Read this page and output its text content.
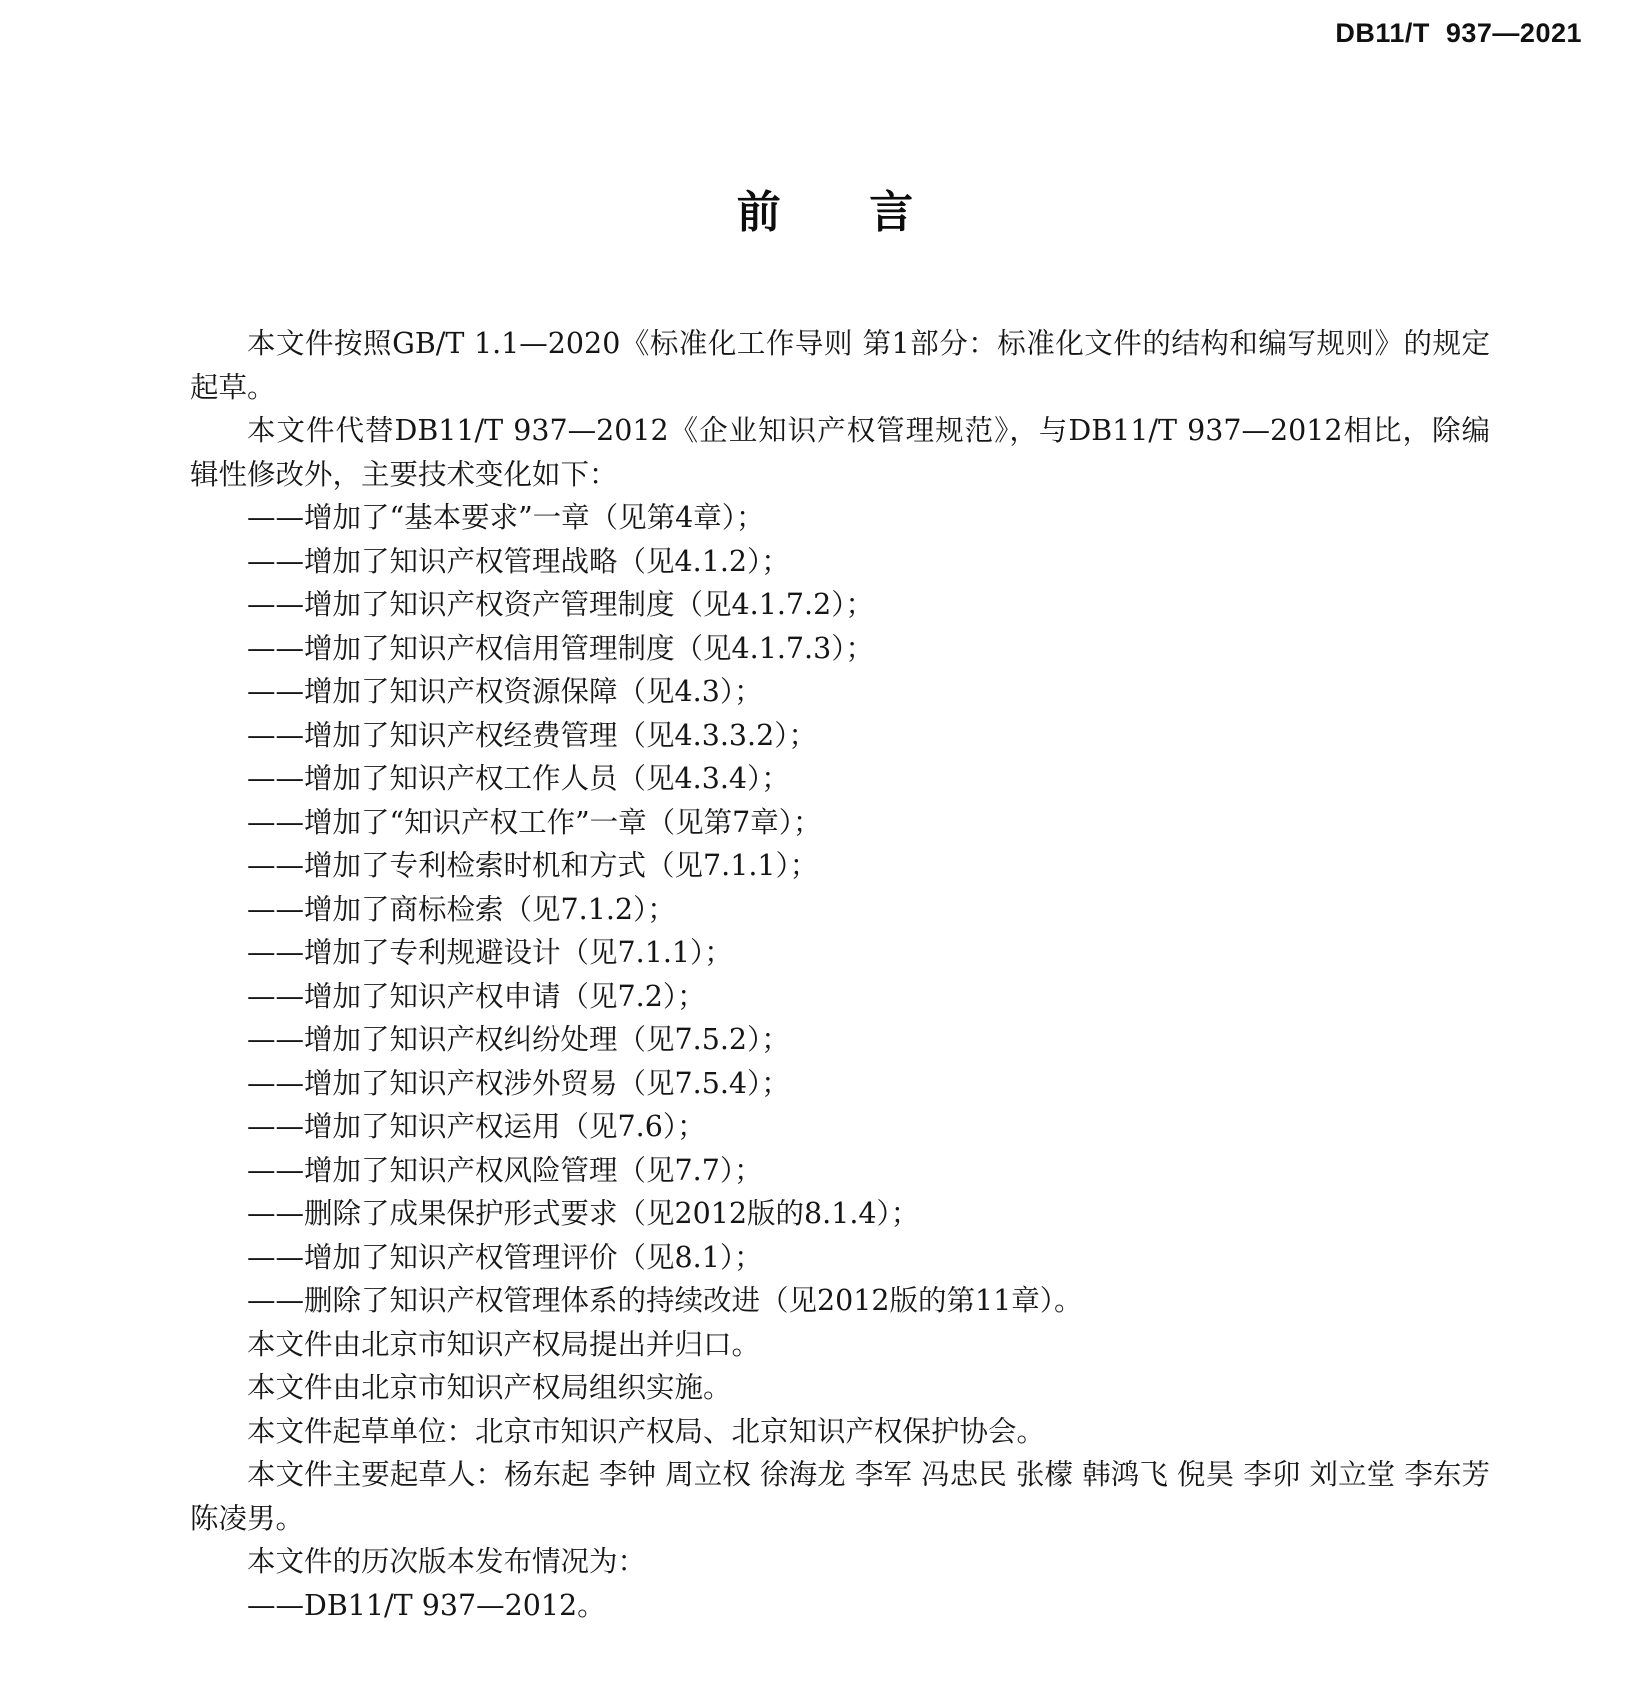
DB11/T  937—2021
前     言

本文件按照GB/T 1.1—2020《标准化工作导则 第1部分：标准化文件的结构和编写规则》的规定起草。

本文件代替DB11/T 937—2012《企业知识产权管理规范》，与DB11/T 937—2012相比，除编辑性修改外，主要技术变化如下：

——增加了“基本要求”一章（见第4章）；
——增加了知识产权管理战略（见4.1.2）；
——增加了知识产权资产管理制度（见4.1.7.2）；
——增加了知识产权信用管理制度（见4.1.7.3）；
——增加了知识产权资源保障（见4.3）；
——增加了知识产权经费管理（见4.3.3.2）；
——增加了知识产权工作人员（见4.3.4）；
——增加了“知识产权工作”一章（见第7章）；
——增加了专利检索时机和方式（见7.1.1）；
——增加了商标检索（见7.1.2）；
——增加了专利规避设计（见7.1.1）；
——增加了知识产权申请（见7.2）；
——增加了知识产权纠纷处理（见7.5.2）；
——增加了知识产权涉外贸易（见7.5.4）；
——增加了知识产权运用（见7.6）；
——增加了知识产权风险管理（见7.7）；
——删除了成果保护形式要求（见2012版的8.1.4）；
——增加了知识产权管理评价（见8.1）；
——删除了知识产权管理体系的持续改进（见2012版的第11章）。

本文件由北京市知识产权局提出并归口。

本文件由北京市知识产权局组织实施。

本文件起草单位：北京市知识产权局、北京知识产权保护协会。

本文件主要起草人：杨东起 李钟 周立权 徐海龙 李军 冯忠民 张檬 韩鸿飞 倪昊 李卯 刘立堂 李东芳 陈凌男。

本文件的历次版本发布情况为：

——DB11/T 937—2012。
